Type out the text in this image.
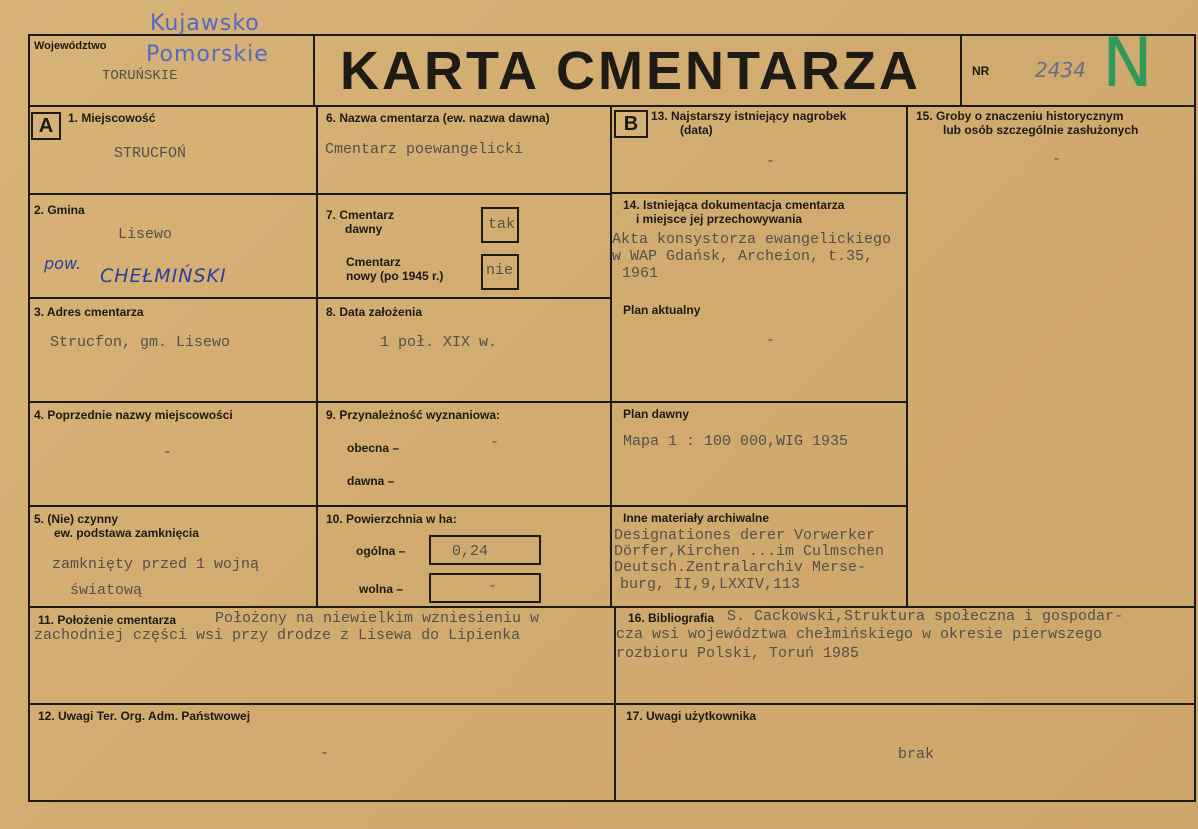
Województwo
TORUŃSKIE
Kujawsko
Pomorskie KARTA CMENTARZA	NR 2434 N
A	B
1. Miejscowość
STRUCFOŃ
2. Gmina
Lisewo
pow.
CHEŁMIŃSKI
3. Adres cmentarza
Strucfon, gm. Lisewo
4. Poprzednie nazwy miejscowości
-
5. (Nie) czynny
ew. podstawa zamknięcia
zamknięty przed 1 wojną
światową
6. Nazwa cmentarza (ew. nazwa dawna)
Cmentarz poewangelicki
7. Cmentarz
dawny	tak
Cmentarz
nowy (po 1945 r.)	nie
8. Data założenia
1 poł. XIX w.
9. Przynależność wyznaniowa:
obecna –	-
dawna –
10. Powierzchnia w ha:
ogólna –	0,24
wolna –	-
11. Położenie cmentarza	Położony na niewielkim wzniesieniu w
zachodniej części wsi przy drodze z Lisewa do Lipienka
12. Uwagi Ter. Org. Adm. Państwowej
-
13. Najstarszy istniejący nagrobek
(data)
-
14. Istniejąca dokumentacja cmentarza
i miejsce jej przechowywania
Akta konsystorza ewangelickiego
w WAP Gdańsk, Archeion, t.35,
1961
Plan aktualny
-
Plan dawny
Mapa 1 : 100 000,WIG 1935
Inne materiały archiwalne
Designationes derer Vorwerker
Dörfer,Kirchen ...im Culmschen
Deutsch.Zentralarchiv Merse-
burg, II,9,LXXIV,113
15. Groby o znaczeniu historycznym
lub osób szczególnie zasłużonych
-
16. Bibliografia S. Cackowski,Struktura społeczna i gospodar-
cza wsi województwa chełmińskiego w okresie pierwszego
rozbioru Polski, Toruń 1985
17. Uwagi użytkownika
brak
